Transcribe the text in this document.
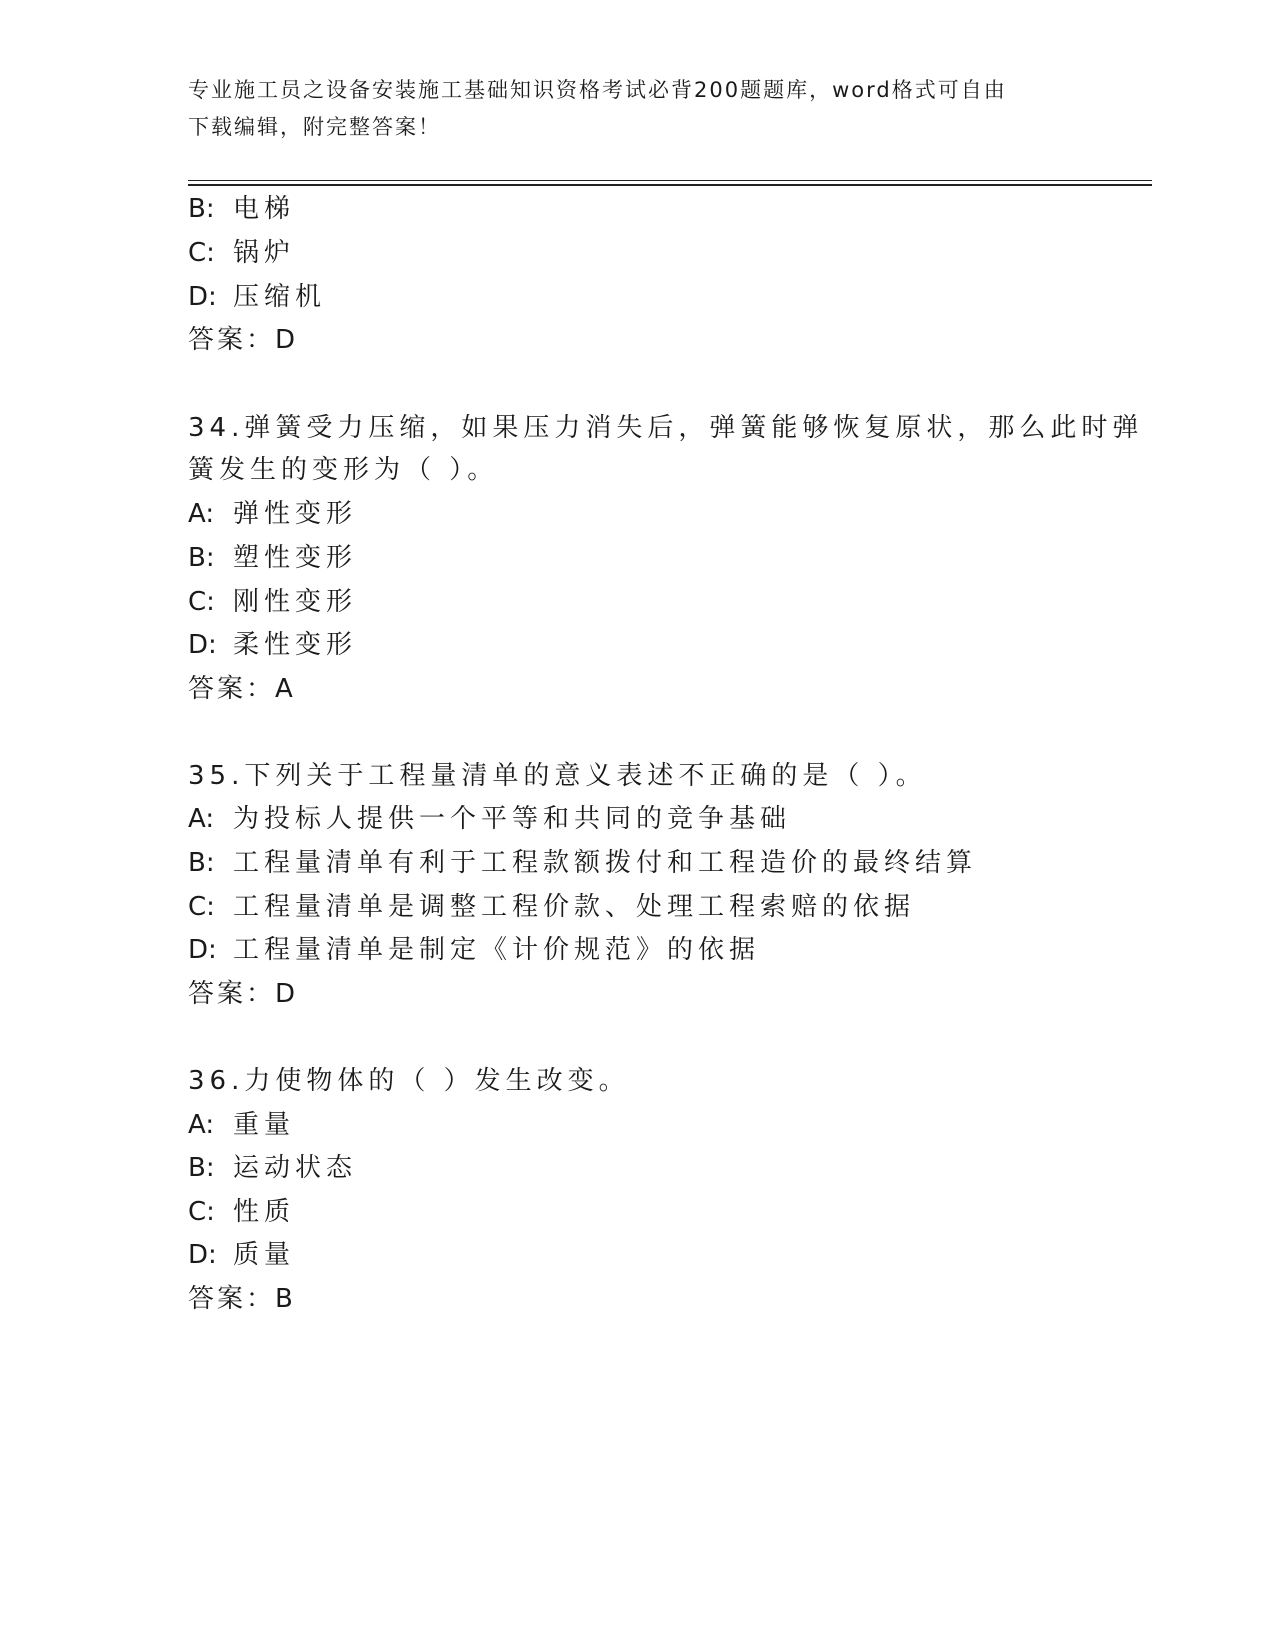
专业施工员之设备安装施工基础知识资格考试必背200题题库，word格式可自由
下载编辑，附完整答案！
B: 电梯
C: 锅炉
D: 压缩机
答案：D
34.弹簧受力压缩，如果压力消失后，弹簧能够恢复原状，那么此时弹
簧发生的变形为（ ）。
A: 弹性变形
B: 塑性变形
C: 刚性变形
D: 柔性变形
答案：A
35.下列关于工程量清单的意义表述不正确的是（ ）。
A: 为投标人提供一个平等和共同的竞争基础
B: 工程量清单有利于工程款额拨付和工程造价的最终结算
C: 工程量清单是调整工程价款、处理工程索赔的依据
D: 工程量清单是制定《计价规范》的依据
答案：D
36.力使物体的（ ）发生改变。
A: 重量
B: 运动状态
C: 性质
D: 质量
答案：B
